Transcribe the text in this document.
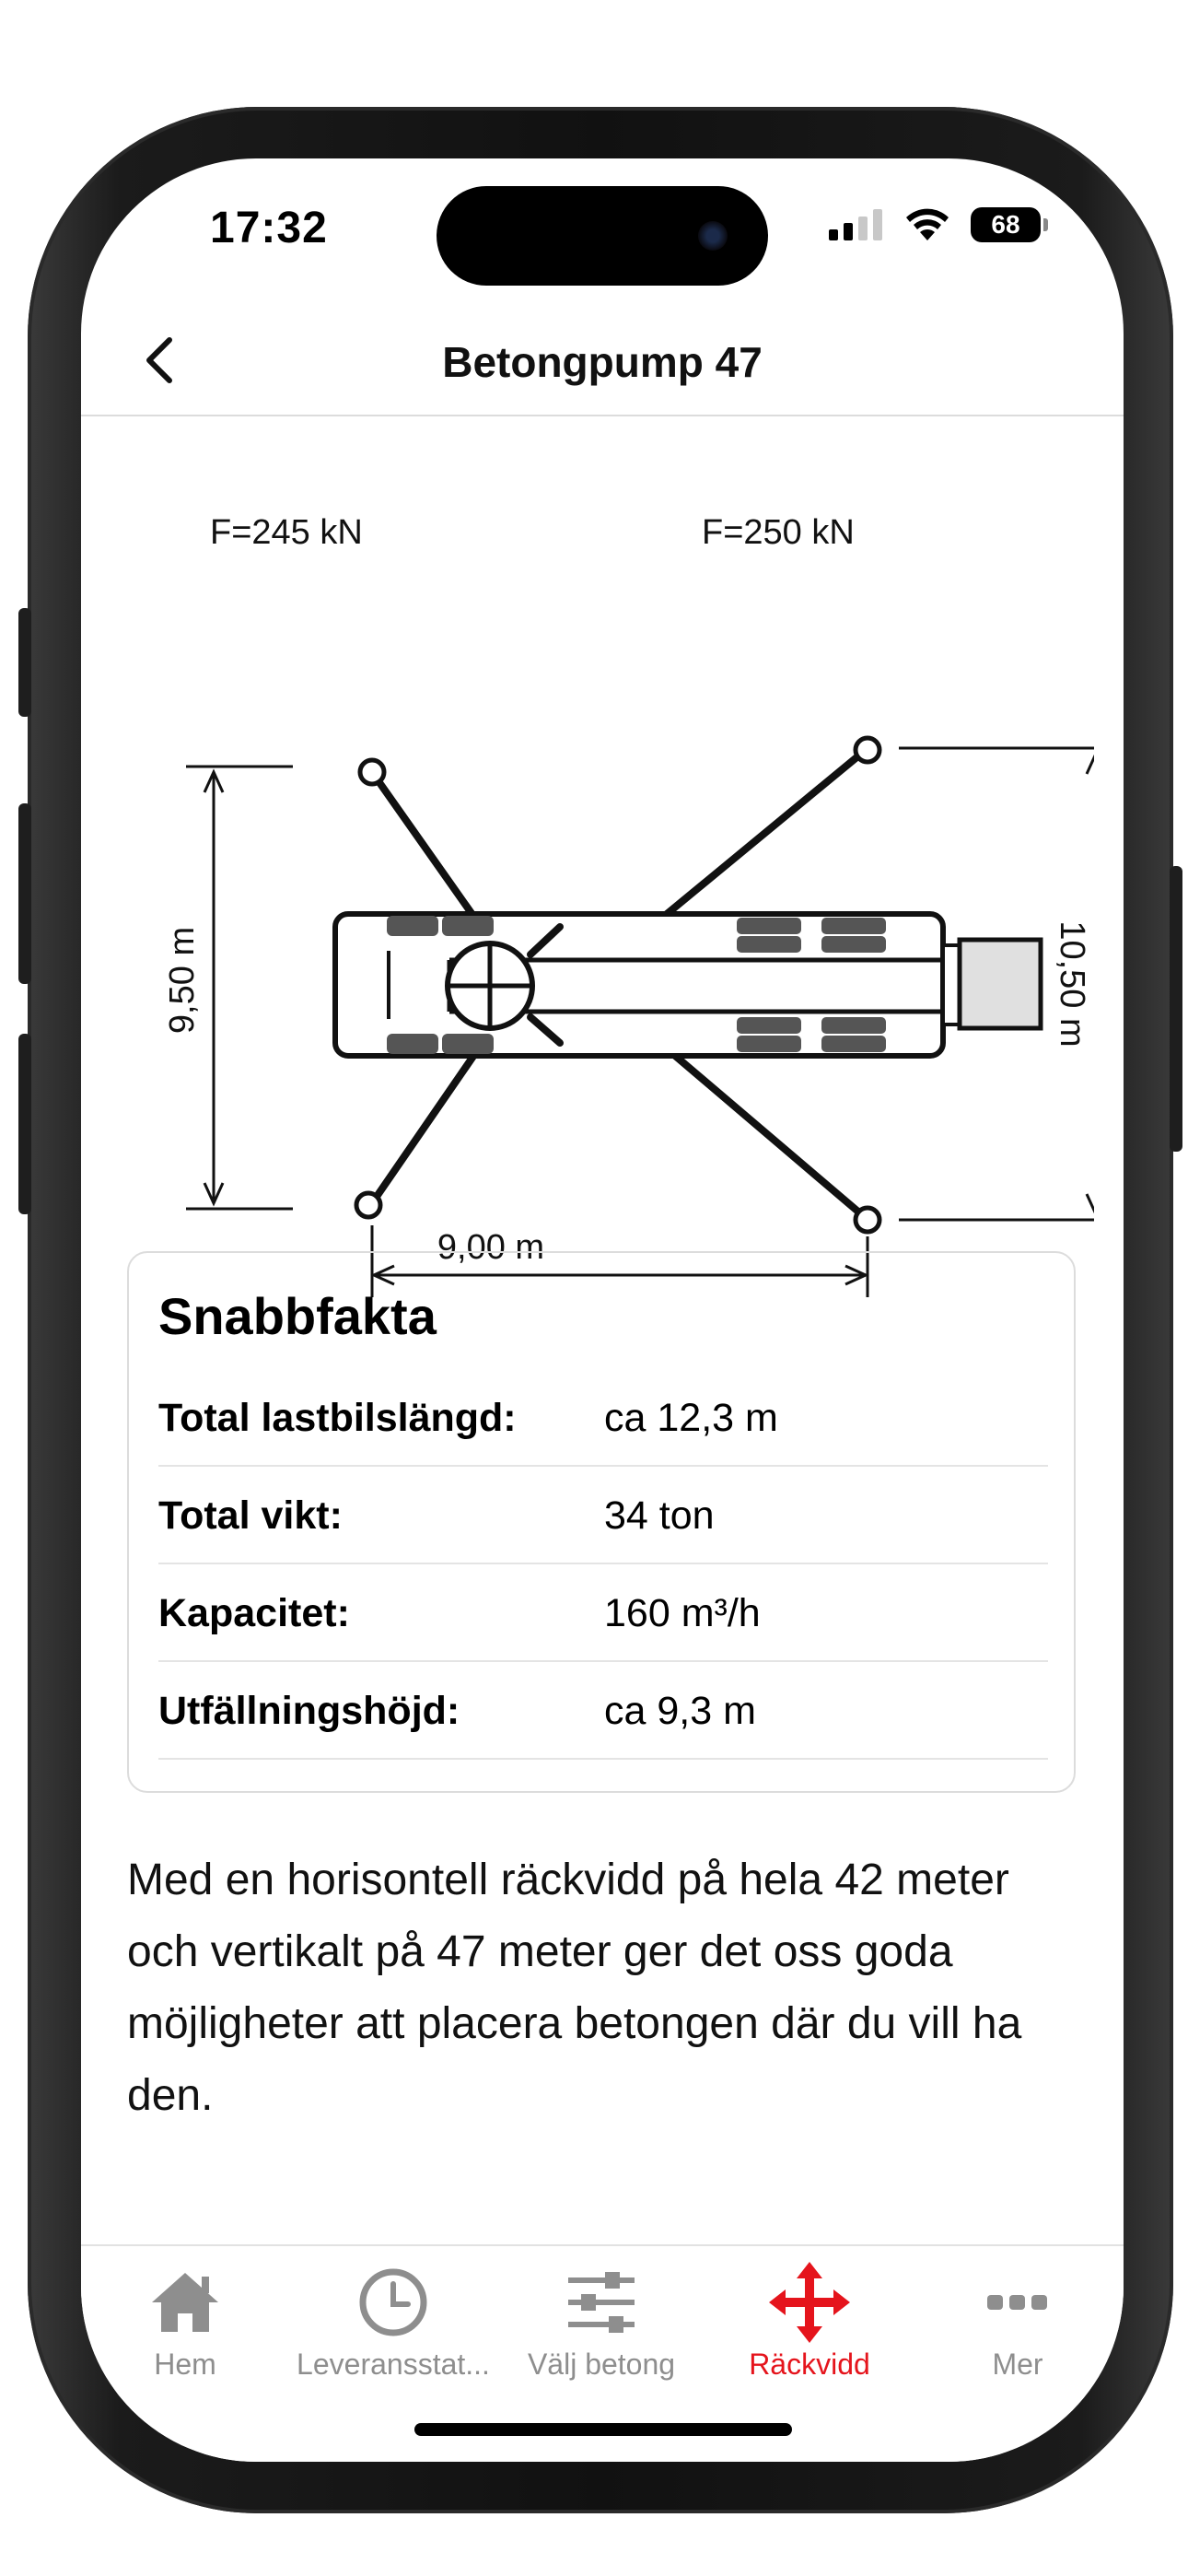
17:32	68
Betongpump 47
F=245 kN	F=250 kN
9,00 m
9,50 m	10,50 m
Snabbfakta
Total lastbilslängd:	ca 12,3 m
Total vikt:	34 ton
Kapacitet:	160 m³/h
Utfällningshöjd:	ca 9,3 m
Med en horisontell räckvidd på hela 42 meter och vertikalt på 47 meter ger det oss goda möjligheter att placera betongen där du vill ha den.
Hem	Leveransstat...	Välj betong	Räckvidd	Mer
